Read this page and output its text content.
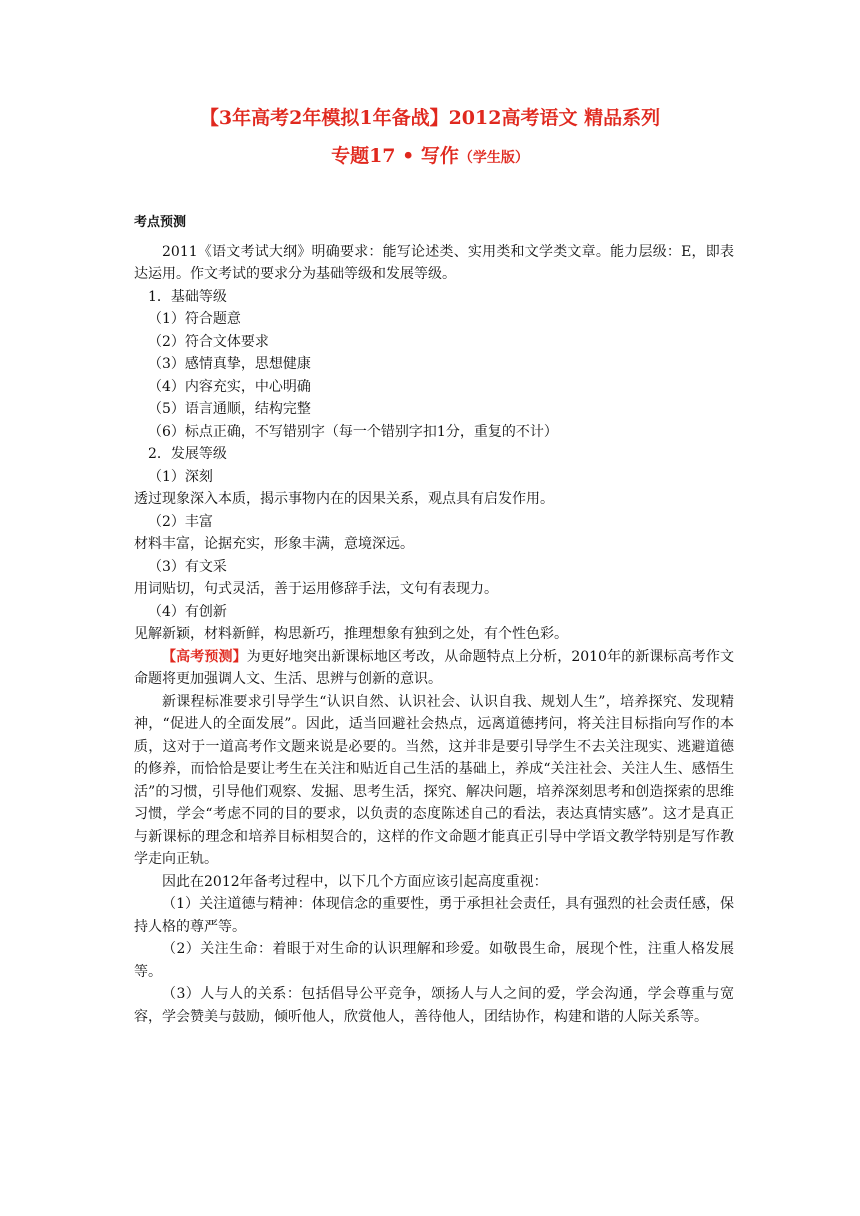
【3年高考2年模拟1年备战】2012高考语文 精品系列
专题17 • 写作（学生版）

考点预测

2011《语文考试大纲》明确要求：能写论述类、实用类和文学类文章。能力层级：E，即表达运用。作文考试的要求分为基础等级和发展等级。

1．基础等级

（1）符合题意

（2）符合文体要求

（3）感情真挚，思想健康

（4）内容充实，中心明确

（5）语言通顺，结构完整

（6）标点正确，不写错别字（每一个错别字扣1分，重复的不计）

2．发展等级

（1）深刻

透过现象深入本质，揭示事物内在的因果关系，观点具有启发作用。

（2）丰富

材料丰富，论据充实，形象丰满，意境深远。

（3）有文采

用词贴切，句式灵活，善于运用修辞手法，文句有表现力。

（4）有创新

见解新颖，材料新鲜，构思新巧，推理想象有独到之处，有个性色彩。

【高考预测】为更好地突出新课标地区考改，从命题特点上分析，2010年的新课标高考作文命题将更加强调人文、生活、思辨与创新的意识。

新课程标准要求引导学生“认识自然、认识社会、认识自我、规划人生”，培养探究、发现精神，“促进人的全面发展”。因此，适当回避社会热点，远离道德拷问，将关注目标指向写作的本质，这对于一道高考作文题来说是必要的。当然，这并非是要引导学生不去关注现实、逃避道德的修养，而恰恰是要让考生在关注和贴近自己生活的基础上，养成“关注社会、关注人生、感悟生活”的习惯，引导他们观察、发掘、思考生活，探究、解决问题，培养深刻思考和创造探索的思维习惯，学会“考虑不同的目的要求，以负责的态度陈述自己的看法，表达真情实感”。这才是真正与新课标的理念和培养目标相契合的，这样的作文命题才能真正引导中学语文教学特别是写作教学走向正轨。

因此在2012年备考过程中，以下几个方面应该引起高度重视：

（1）关注道德与精神：体现信念的重要性，勇于承担社会责任，具有强烈的社会责任感，保持人格的尊严等。

（2）关注生命：着眼于对生命的认识理解和珍爱。如敬畏生命，展现个性，注重人格发展等。

（3）人与人的关系：包括倡导公平竞争，颂扬人与人之间的爱，学会沟通，学会尊重与宽容，学会赞美与鼓励，倾听他人，欣赏他人，善待他人，团结协作，构建和谐的人际关系等。
